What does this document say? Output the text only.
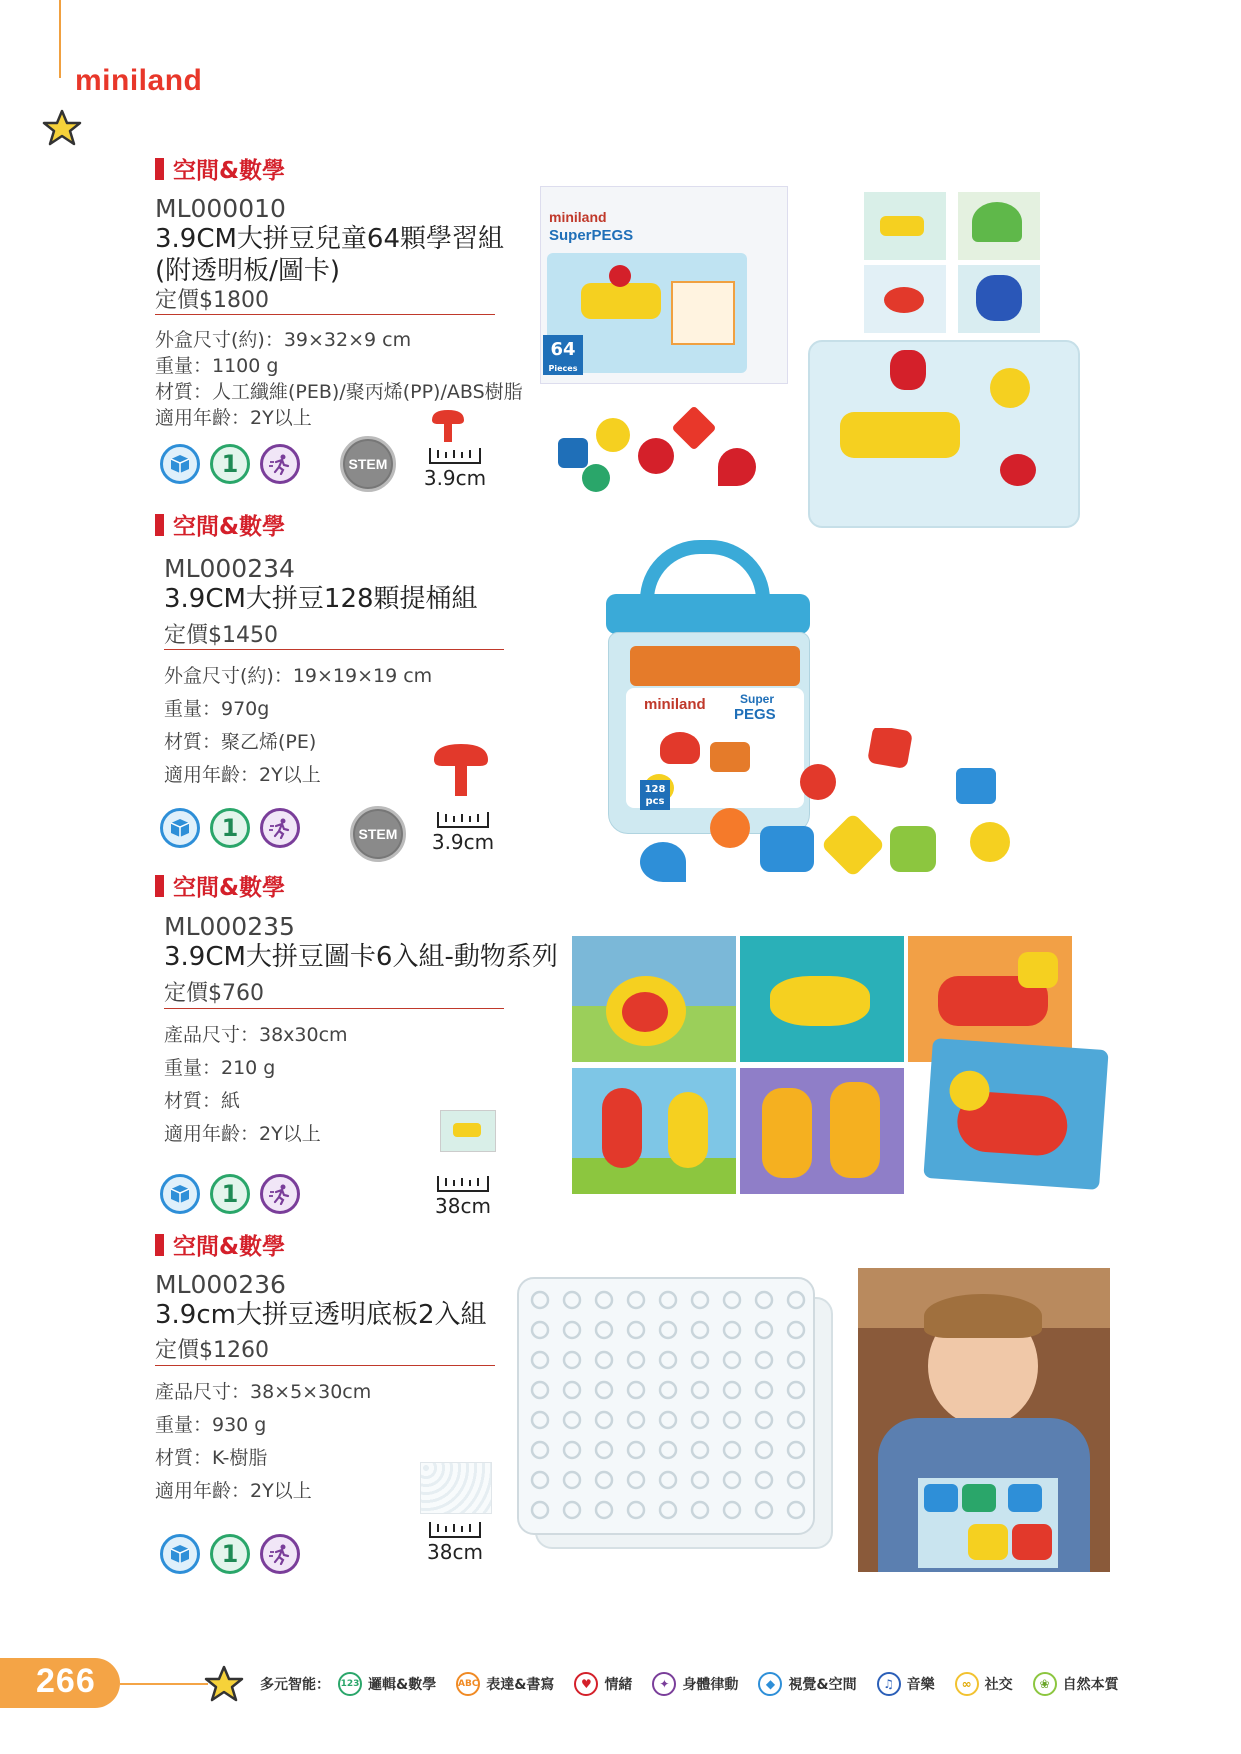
miniland
空間&數學
ML000010
3.9CM大拼豆兒童64顆學習組
(附透明板/圖卡)
定價$1800
外盒尺寸(約)：39×32×9 cm
重量：1100 g
材質：人工纖維(PEB)/聚丙烯(PP)/ABS樹脂
適用年齡：2Y以上
1	STEM
3.9cm
miniland
SuperPEGS
64
Pieces
空間&數學
ML000234
3.9CM大拼豆128顆提桶組
定價$1450
外盒尺寸(約)：19×19×19 cm
重量：970g
材質：聚乙烯(PE)
適用年齡：2Y以上
1	STEM	3.9cm
miniland	Super
PEGS
128
pcs
空間&數學
ML000235
3.9CM大拼豆圖卡6入組-動物系列
定價$760
產品尺寸：38x30cm
重量：210 g
材質：紙
適用年齡：2Y以上
1	38cm
空間&數學
ML000236
3.9cm大拼豆透明底板2入組
定價$1260
產品尺寸：38×5×30cm
重量：930 g
材質：K-樹脂
適用年齡：2Y以上
1	38cm
266	多元智能： 123 邏輯&數學 ABC 表達&書寫	♥ 情緒	✦ 身體律動	◆ 視覺&空間	♫ 音樂	∞ 社交	❀ 自然本質
